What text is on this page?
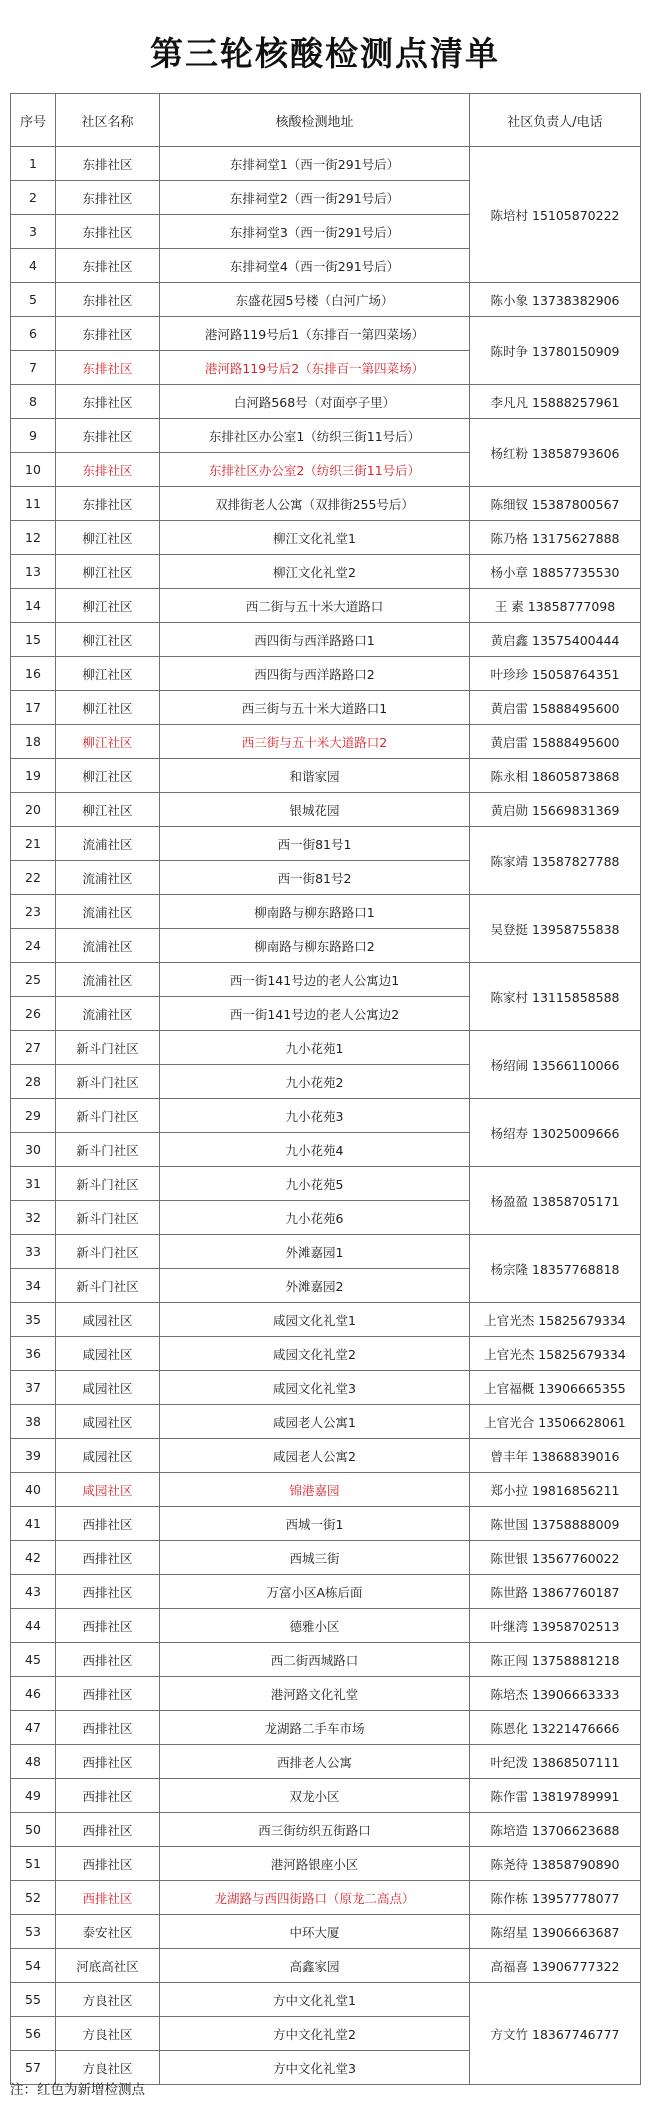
第三轮核酸检测点清单
序号	社区名称	核酸检测地址	社区负责人/电话
1	东排社区	东排祠堂1（西一街291号后）	陈培村 15105870222
2	东排社区	东排祠堂2（西一街291号后）	
3	东排社区	东排祠堂3（西一街291号后）	
4	东排社区	东排祠堂4（西一街291号后）	
5	东排社区	东盛花园5号楼（白河广场）	陈小象 13738382906
6	东排社区	港河路119号后1（东排百一第四菜场）	陈时争 13780150909
7	东排社区	港河路119号后2（东排百一第四菜场）	
8	东排社区	白河路568号（对面亭子里）	李凡凡 15888257961
9	东排社区	东排社区办公室1（纺织三街11号后）	杨红粉 13858793606
10	东排社区	东排社区办公室2（纺织三街11号后）	
11	东排社区	双排街老人公寓（双排街255号后）	陈细钗 15387800567
12	柳江社区	柳江文化礼堂1	陈乃格 13175627888
13	柳江社区	柳江文化礼堂2	杨小章 18857735530
14	柳江社区	西二街与五十米大道路口	王 素 13858777098
15	柳江社区	西四街与西洋路路口1	黄启鑫 13575400444
16	柳江社区	西四街与西洋路路口2	叶珍珍 15058764351
17	柳江社区	西三街与五十米大道路口1	黄启雷 15888495600
18	柳江社区	西三街与五十米大道路口2	黄启雷 15888495600
19	柳江社区	和谐家园	陈永相 18605873868
20	柳江社区	银城花园	黄启勋 15669831369
21	流浦社区	西一街81号1	陈家靖 13587827788
22	流浦社区	西一街81号2	
23	流浦社区	柳南路与柳东路路口1	吴登挺 13958755838
24	流浦社区	柳南路与柳东路路口2	
25	流浦社区	西一街141号边的老人公寓边1	陈家村 13115858588
26	流浦社区	西一街141号边的老人公寓边2	
27	新斗门社区	九小花苑1	杨绍闹 13566110066
28	新斗门社区	九小花苑2	
29	新斗门社区	九小花苑3	杨绍寿 13025009666
30	新斗门社区	九小花苑4	
31	新斗门社区	九小花苑5	杨盈盈 13858705171
32	新斗门社区	九小花苑6	
33	新斗门社区	外滩嘉园1	杨宗隆 18357768818
34	新斗门社区	外滩嘉园2	
35	咸园社区	咸园文化礼堂1	上官光杰 15825679334
36	咸园社区	咸园文化礼堂2	上官光杰 15825679334
37	咸园社区	咸园文化礼堂3	上官福概 13906665355
38	咸园社区	咸园老人公寓1	上官光合 13506628061
39	咸园社区	咸园老人公寓2	曾丰年 13868839016
40	咸园社区	锦港嘉园	郑小拉 19816856211
41	西排社区	西城一街1	陈世国 13758888009
42	西排社区	西城三街	陈世银 13567760022
43	西排社区	万富小区A栋后面	陈世路 13867760187
44	西排社区	德雅小区	叶继湾 13958702513
45	西排社区	西二街西城路口	陈正闯 13758881218
46	西排社区	港河路文化礼堂	陈培杰 13906663333
47	西排社区	龙湖路二手车市场	陈恩化 13221476666
48	西排社区	西排老人公寓	叶纪泼 13868507111
49	西排社区	双龙小区	陈作雷 13819789991
50	西排社区	西三街纺织五街路口	陈培造 13706623688
51	西排社区	港河路银座小区	陈尧待 13858790890
52	西排社区	龙湖路与西四街路口（原龙二高点）	陈作栋 13957778077
53	泰安社区	中环大厦	陈绍星 13906663687
54	河底高社区	高鑫家园	高福喜 13906777322
55	方良社区	方中文化礼堂1	方文竹 18367746777
56	方良社区	方中文化礼堂2	
57	方良社区	方中文化礼堂3	
注：红色为新增检测点
